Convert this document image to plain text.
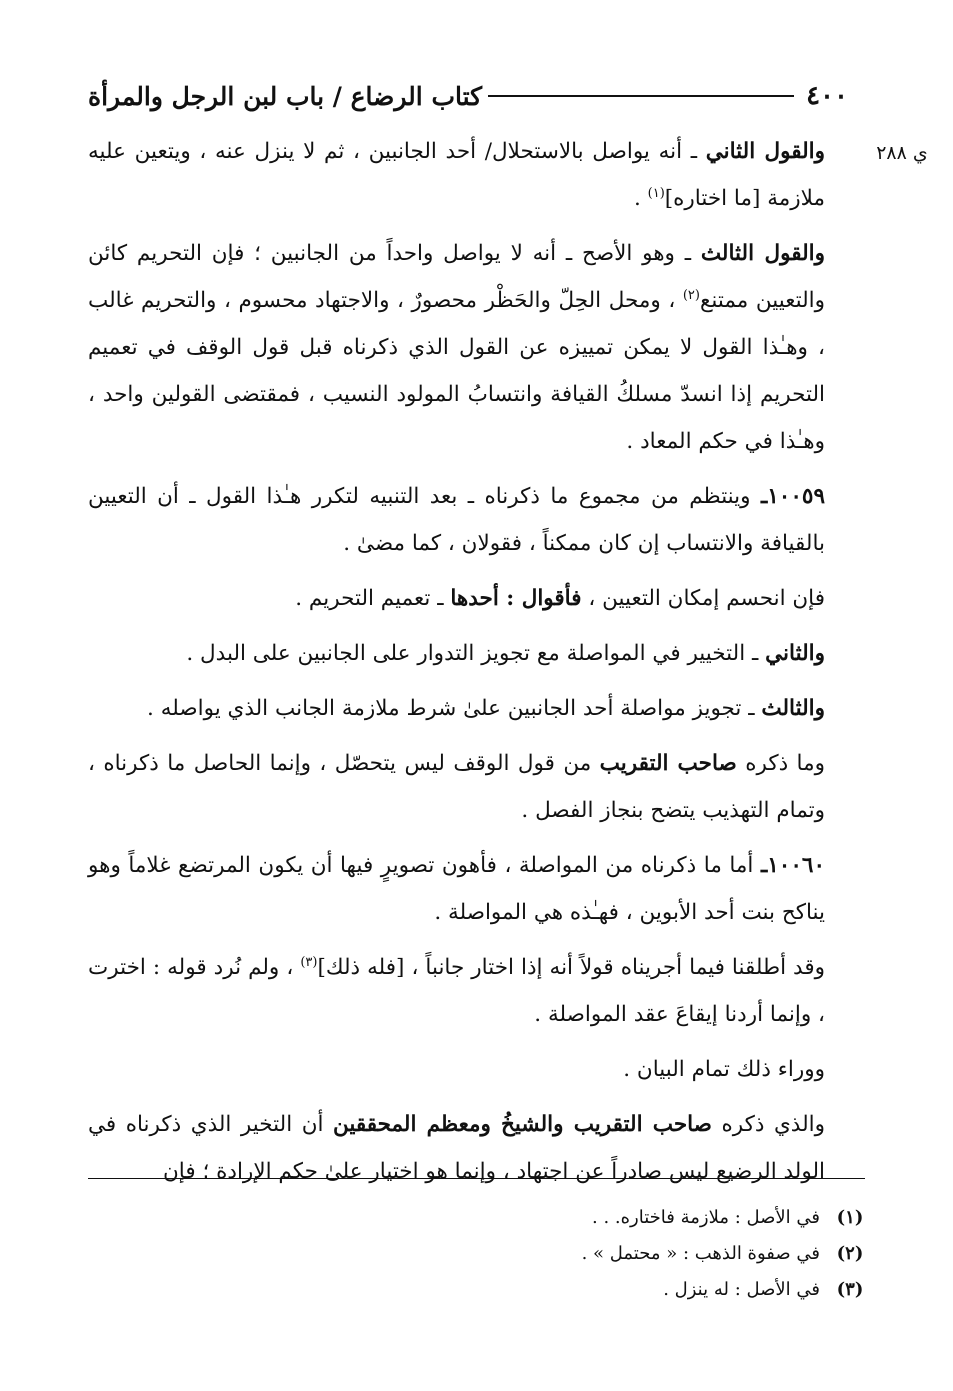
٤٠٠
كتاب الرضاع / باب لبن الرجل والمرأة
ي ٢٨٨

والقول الثاني ـ أنه يواصل بالاستحلال/ أحد الجانبين ، ثم لا ينزل عنه ، ويتعين عليه ملازمة [ما اختاره]$^{(١)}$ .

والقول الثالث ـ وهو الأصح ـ أنه لا يواصل واحداً من الجانبين ؛ فإن التحريم كائن والتعيين ممتنع$^{(٢)}$ ، ومحل الحِلّ والحَظْر محصورٌ ، والاجتهاد محسوم ، والتحريم غالب ، وهـٰذا القول لا يمكن تمييزه عن القول الذي ذكرناه قبل قول الوقف في تعميم التحريم إذا انسدّ مسلكُ القيافة وانتسابُ المولود النسيب ، فمقتضى القولين واحد ، وهـٰذا في حكم المعاد .

١٠٠٥٩ـ وينتظم من مجموع ما ذكرناه ـ بعد التنبيه لتكرر هـٰذا القول ـ أن التعيين بالقيافة والانتساب إن كان ممكناً ، فقولان ، كما مضىٰ .

فإن انحسم إمكان التعيين ، فأقوال : أحدها ـ تعميم التحريم .

والثاني ـ التخيير في المواصلة مع تجويز التدوار على الجانبين على البدل .

والثالث ـ تجويز مواصلة أحد الجانبين علىٰ شرط ملازمة الجانب الذي يواصله .

وما ذكره صاحب التقريب من قول الوقف ليس يتحصّل ، وإنما الحاصل ما ذكرناه ، وتمام التهذيب يتضح بنجاز الفصل .

١٠٠٦٠ـ أما ما ذكرناه من المواصلة ، فأهون تصويرٍ فيها أن يكون المرتضع غلاماً وهو يناكح بنت أحد الأبوين ، فهـٰذه هي المواصلة .

وقد أطلقنا فيما أجريناه قولاً أنه إذا اختار جانباً ، [فله ذلك]$^{(٣)}$ ، ولم نُرد قوله : اخترت ، وإنما أردنا إيقاعَ عقد المواصلة .

ووراء ذلك تمام البيان .

والذي ذكره صاحب التقريب والشيخُ ومعظم المحققين أن التخير الذي ذكرناه في الولد الرضيع ليس صادراً عن اجتهاد ، وإنما هو اختيار علىٰ حكم الإرادة ؛ فإن

(١)
في الأصل : ملازمة فاختاره. . .
(٢)
في صفوة الذهب : « محتمل » .
(٣)
في الأصل : له ينزل .
